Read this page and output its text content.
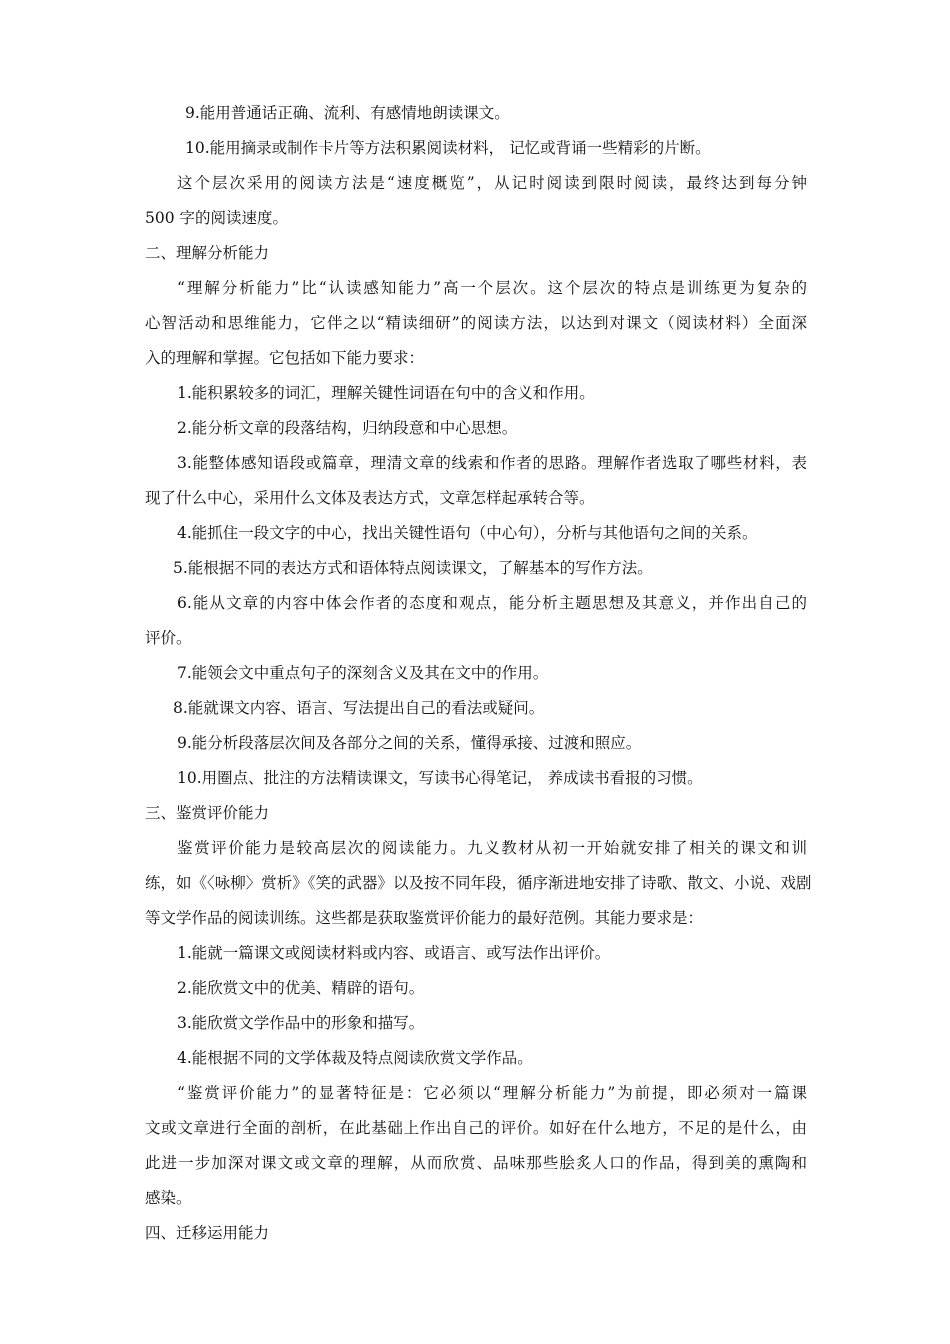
9.能用普通话正确、流利、有感情地朗读课文。
10.能用摘录或制作卡片等方法积累阅读材料， 记忆或背诵一些精彩的片断。
这个层次采用的阅读方法是“速度概览”，从记时阅读到限时阅读，最终达到每分钟
500 字的阅读速度。
二、理解分析能力
“理解分析能力”比“认读感知能力”高一个层次。这个层次的特点是训练更为复杂的
心智活动和思维能力，它伴之以“精读细研”的阅读方法，以达到对课文（阅读材料）全面深
入的理解和掌握。它包括如下能力要求：
1.能积累较多的词汇，理解关键性词语在句中的含义和作用。
2.能分析文章的段落结构，归纳段意和中心思想。
3.能整体感知语段或篇章，理清文章的线索和作者的思路。理解作者选取了哪些材料，表
现了什么中心，采用什么文体及表达方式，文章怎样起承转合等。
4.能抓住一段文字的中心，找出关键性语句（中心句），分析与其他语句之间的关系。
5.能根据不同的表达方式和语体特点阅读课文，了解基本的写作方法。
6.能从文章的内容中体会作者的态度和观点，能分析主题思想及其意义，并作出自己的
评价。
7.能领会文中重点句子的深刻含义及其在文中的作用。
8.能就课文内容、语言、写法提出自己的看法或疑问。
9.能分析段落层次间及各部分之间的关系，懂得承接、过渡和照应。
10.用圈点、批注的方法精读课文，写读书心得笔记， 养成读书看报的习惯。
三、鉴赏评价能力
鉴赏评价能力是较高层次的阅读能力。九义教材从初一开始就安排了相关的课文和训
练，如《〈咏柳〉赏析》《笑的武器》以及按不同年段，循序渐进地安排了诗歌、散文、小说、戏剧
等文学作品的阅读训练。这些都是获取鉴赏评价能力的最好范例。其能力要求是：
1.能就一篇课文或阅读材料或内容、或语言、或写法作出评价。
2.能欣赏文中的优美、精辟的语句。
3.能欣赏文学作品中的形象和描写。
4.能根据不同的文学体裁及特点阅读欣赏文学作品。
“鉴赏评价能力”的显著特征是：它必须以“理解分析能力”为前提，即必须对一篇课
文或文章进行全面的剖析，在此基础上作出自己的评价。如好在什么地方，不足的是什么，由
此进一步加深对课文或文章的理解，从而欣赏、品味那些脍炙人口的作品，得到美的熏陶和
感染。
四、迁移运用能力
